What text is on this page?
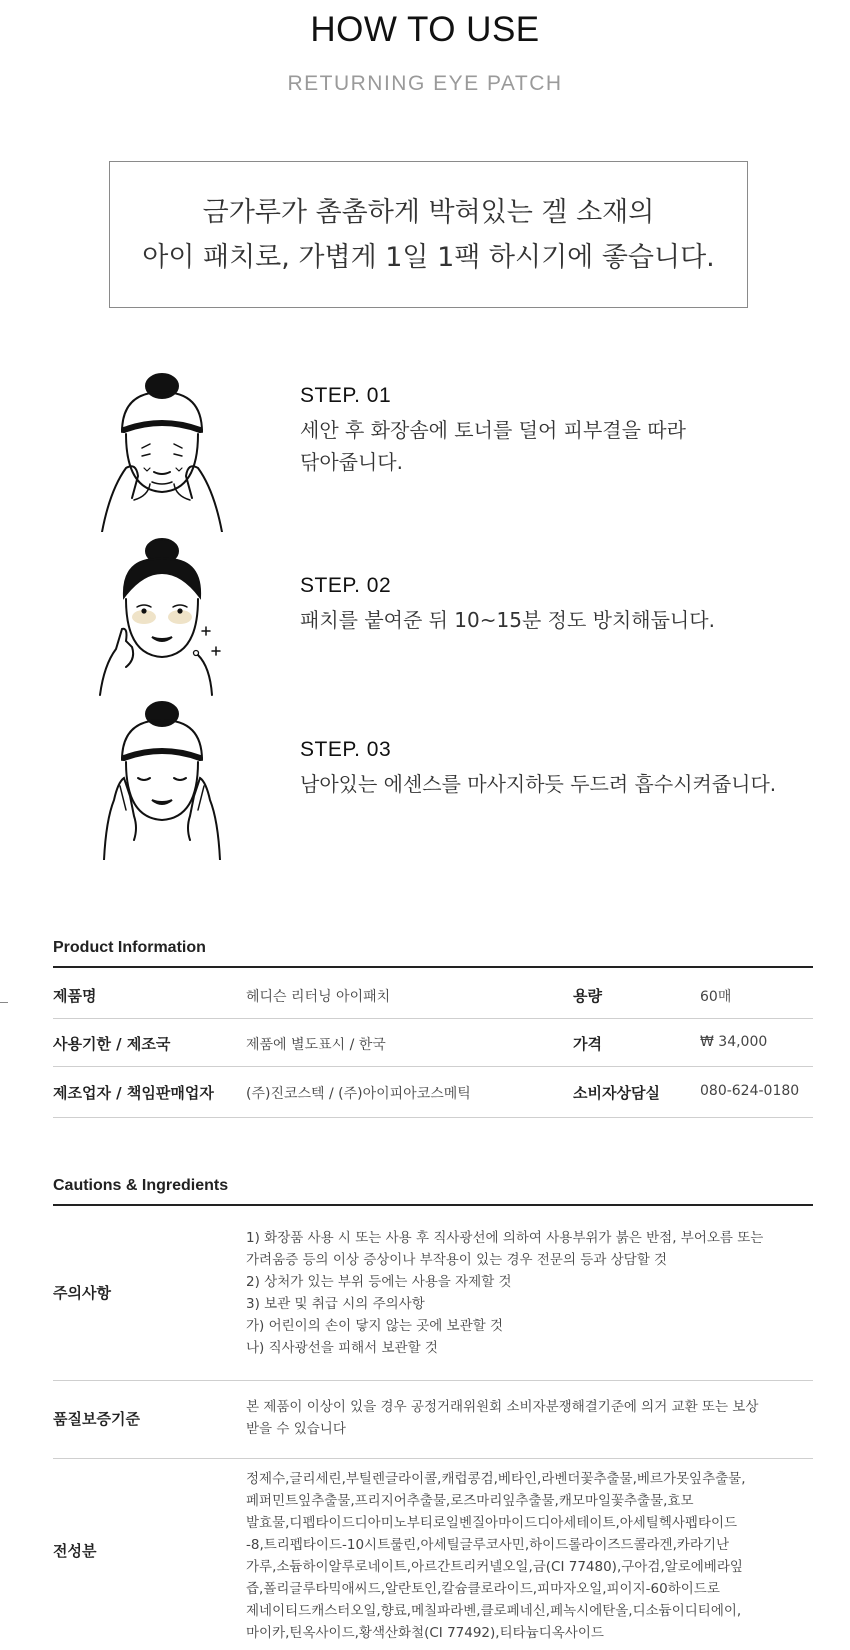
HOW TO USE
RETURNING EYE PATCH
금가루가 촘촘하게 박혀있는 겔 소재의
아이 패치로, 가볍게 1일 1팩 하시기에 좋습니다.
STEP. 01
세안 후 화장솜에 토너를 덜어 피부결을 따라
닦아줍니다.
STEP. 02
패치를 붙여준 뒤 10~15분 정도 방치해둡니다.
STEP. 03
남아있는 에센스를 마사지하듯 두드려 흡수시켜줍니다.
Product Information
제품명	헤디슨 리터닝 아이패치	용량	60매
사용기한 / 제조국	제품에 별도표시 / 한국	가격	₩ 34,000
제조업자 / 책임판매업자 (주)진코스텍 / (주)아이피아코스메틱	소비자상담실	080-624-0180
Cautions & Ingredients
주의사항
1) 화장품 사용 시 또는 사용 후 직사광선에 의하여 사용부위가 붉은 반점, 부어오름 또는
가려움증 등의 이상 증상이나 부작용이 있는 경우 전문의 등과 상담할 것
2) 상처가 있는 부위 등에는 사용을 자제할 것
3) 보관 및 취급 시의 주의사항
가) 어린이의 손이 닿지 않는 곳에 보관할 것
나) 직사광선을 피해서 보관할 것
품질보증기준
본 제품이 이상이 있을 경우 공정거래위원회 소비자분쟁해결기준에 의거 교환 또는 보상
받을 수 있습니다
전성분
정제수,글리세린,부틸렌글라이콜,캐럽콩검,베타인,라벤더꽃추출물,베르가못잎추출물,
페퍼민트잎추출물,프리지어추출물,로즈마리잎추출물,캐모마일꽃추출물,효모
발효물,디펩타이드디아미노부티로일벤질아마이드디아세테이트,아세틸헥사펩타이드
-8,트리펩타이드-10시트룰린,아세틸글루코사민,하이드롤라이즈드콜라겐,카라기난
가루,소듐하이알루로네이트,아르간트리커넬오일,금(CI 77480),구아검,알로에베라잎
즙,폴리글루타믹애씨드,알란토인,칼슘클로라이드,피마자오일,피이지-60하이드로
제네이티드캐스터오일,향료,메칠파라벤,클로페네신,페녹시에탄올,디소듐이디티에이,
마이카,틴옥사이드,황색산화철(CI 77492),티타늄디옥사이드
